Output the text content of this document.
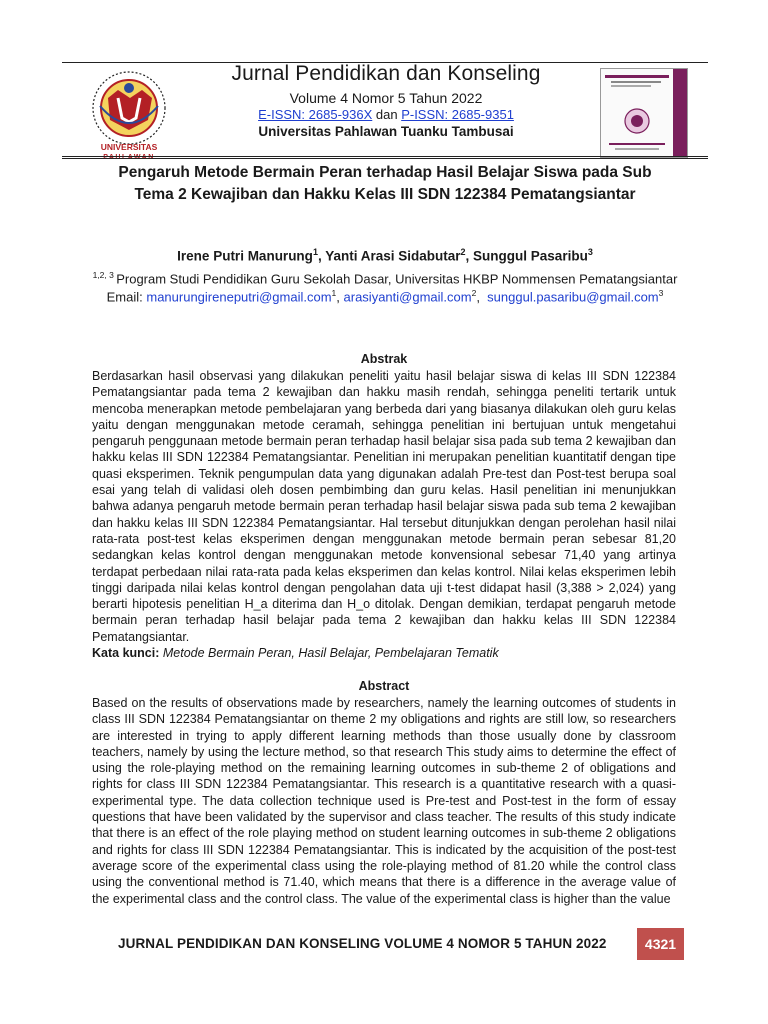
UNIVERSITAS
PAHLAWAN
Jurnal Pendidikan dan Konseling
Volume 4 Nomor 5 Tahun 2022
E-ISSN: 2685-936X dan P-ISSN: 2685-9351
Universitas Pahlawan Tuanku Tambusai
Pengaruh Metode Bermain Peran terhadap Hasil Belajar Siswa pada Sub
Tema 2 Kewajiban dan Hakku Kelas III SDN 122384 Pematangsiantar
Irene Putri Manurung$^1$, Yanti Arasi Sidabutar$^2$, Sunggul Pasaribu$^3$
$^{1,2, 3}$ Program Studi Pendidikan Guru Sekolah Dasar, Universitas HKBP Nommensen Pematangsiantar
Email: manurungireneputri@gmail.com$^1$, arasiyanti@gmail.com$^2$,  sunggul.pasaribu@gmail.com$^3$
Abstrak
Berdasarkan hasil observasi yang dilakukan peneliti yaitu hasil belajar siswa di kelas III SDN 122384 Pematangsiantar pada tema 2 kewajiban dan hakku masih rendah, sehingga peneliti tertarik untuk mencoba menerapkan metode pembelajaran yang berbeda dari yang biasanya dilakukan oleh guru kelas yaitu dengan menggunakan metode ceramah, sehingga penelitian ini bertujuan untuk mengetahui pengaruh penggunaan metode bermain peran terhadap hasil belajar sisa pada sub tema 2 kewajiban dan hakku kelas III SDN 122384 Pematangsiantar. Penelitian ini merupakan penelitian kuantitatif dengan tipe quasi eksperimen. Teknik pengumpulan data yang digunakan adalah Pre-test dan Post-test berupa soal esai yang telah di validasi oleh dosen pembimbing dan guru kelas. Hasil penelitian ini menunjukkan bahwa adanya pengaruh metode bermain peran terhadap hasil belajar siswa pada sub tema 2 kewajiban dan hakku kelas III SDN 122384 Pematangsiantar. Hal tersebut ditunjukkan dengan perolehan hasil nilai rata-rata post-test kelas eksperimen dengan menggunakan metode bermain peran sebesar 81,20 sedangkan kelas kontrol dengan menggunakan metode konvensional sebesar 71,40 yang artinya terdapat perbedaan nilai rata-rata pada kelas eksperimen dan kelas kontrol. Nilai kelas eksperimen lebih tinggi daripada nilai kelas kontrol dengan pengolahan data uji t-test didapat hasil (3,388 > 2,024) yang berarti hipotesis penelitian H_a diterima dan H_o ditolak. Dengan demikian, terdapat pengaruh metode bermain peran terhadap hasil belajar pada tema 2 kewajiban dan hakku kelas III SDN 122384 Pematangsiantar.
Kata kunci: Metode Bermain Peran, Hasil Belajar, Pembelajaran Tematik
Abstract
Based on the results of observations made by researchers, namely the learning outcomes of students in class III SDN 122384 Pematangsiantar on theme 2 my obligations and rights are still low, so researchers are interested in trying to apply different learning methods than those usually done by classroom teachers, namely by using the lecture method, so that research This study aims to determine the effect of using the role-playing method on the remaining learning outcomes in sub-theme 2 of obligations and rights for class III SDN 122384 Pematangsiantar. This research is a quantitative research with a quasi-experimental type. The data collection technique used is Pre-test and Post-test in the form of essay questions that have been validated by the supervisor and class teacher. The results of this study indicate that there is an effect of the role playing method on student learning outcomes in sub-theme 2 obligations and rights for class III SDN 122384 Pematangsiantar. This is indicated by the acquisition of the post-test average score of the experimental class using the role-playing method of 81.20 while the control class using the conventional method is 71.40, which means that there is a difference in the average value of the experimental class and the control class. The value of the experimental class is higher than the value
JURNAL PENDIDIKAN DAN KONSELING VOLUME 4 NOMOR 5 TAHUN 2022	4321
